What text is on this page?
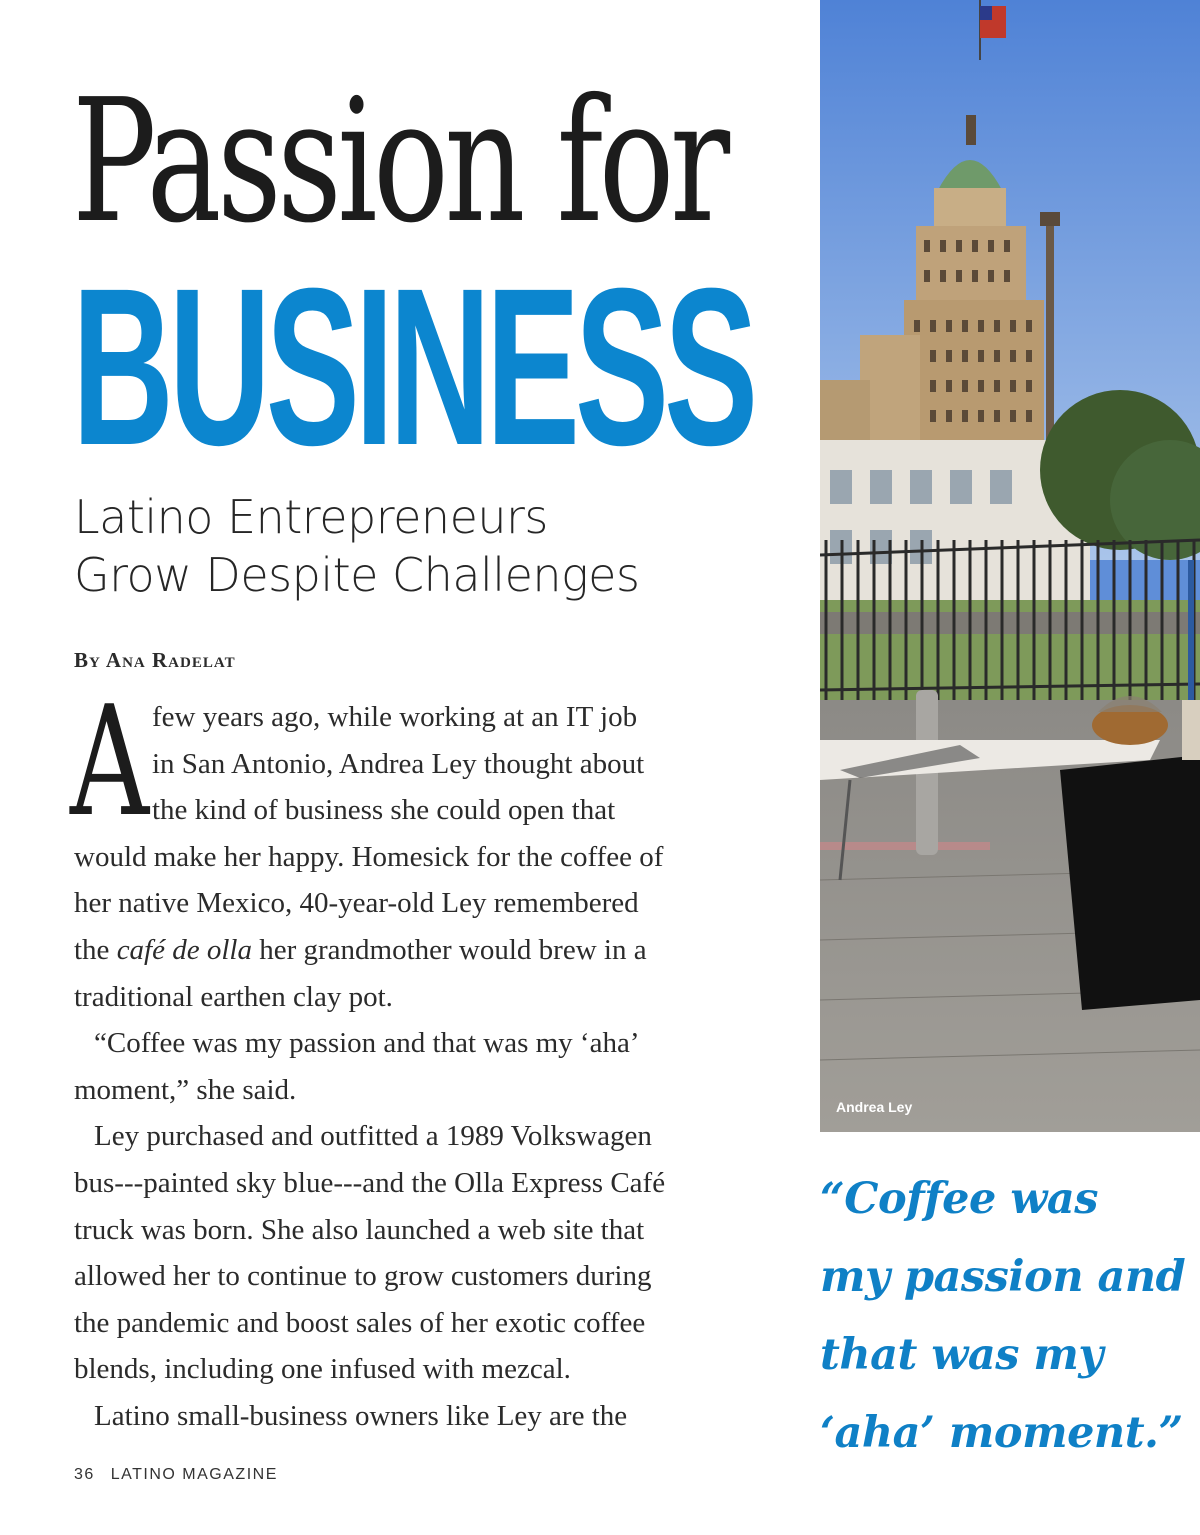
Passion for
BUSINESS
Latino Entrepreneurs
Grow Despite Challenges
By Ana Radelat

A few years ago, while working at an IT job
in San Antonio, Andrea Ley thought about
the kind of business she could open that
would make her happy. Homesick for the coffee of
her native Mexico, 40-year-old Ley remembered
the café de olla her grandmother would brew in a
traditional earthen clay pot.

“Coffee was my passion and that was my ‘aha’
moment,” she said.

Ley purchased and outfitted a 1989 Volkswagen
bus---painted sky blue---and the Olla Express Café
truck was born. She also launched a web site that
allowed her to continue to grow customers during
the pandemic and boost sales of her exotic coffee
blends, including one infused with mezcal.

Latino small-business owners like Ley are the

Andrea Ley
“Coffee was
my passion and
that was my
‘aha’ moment.”
36 LATINO MAGAZINE
